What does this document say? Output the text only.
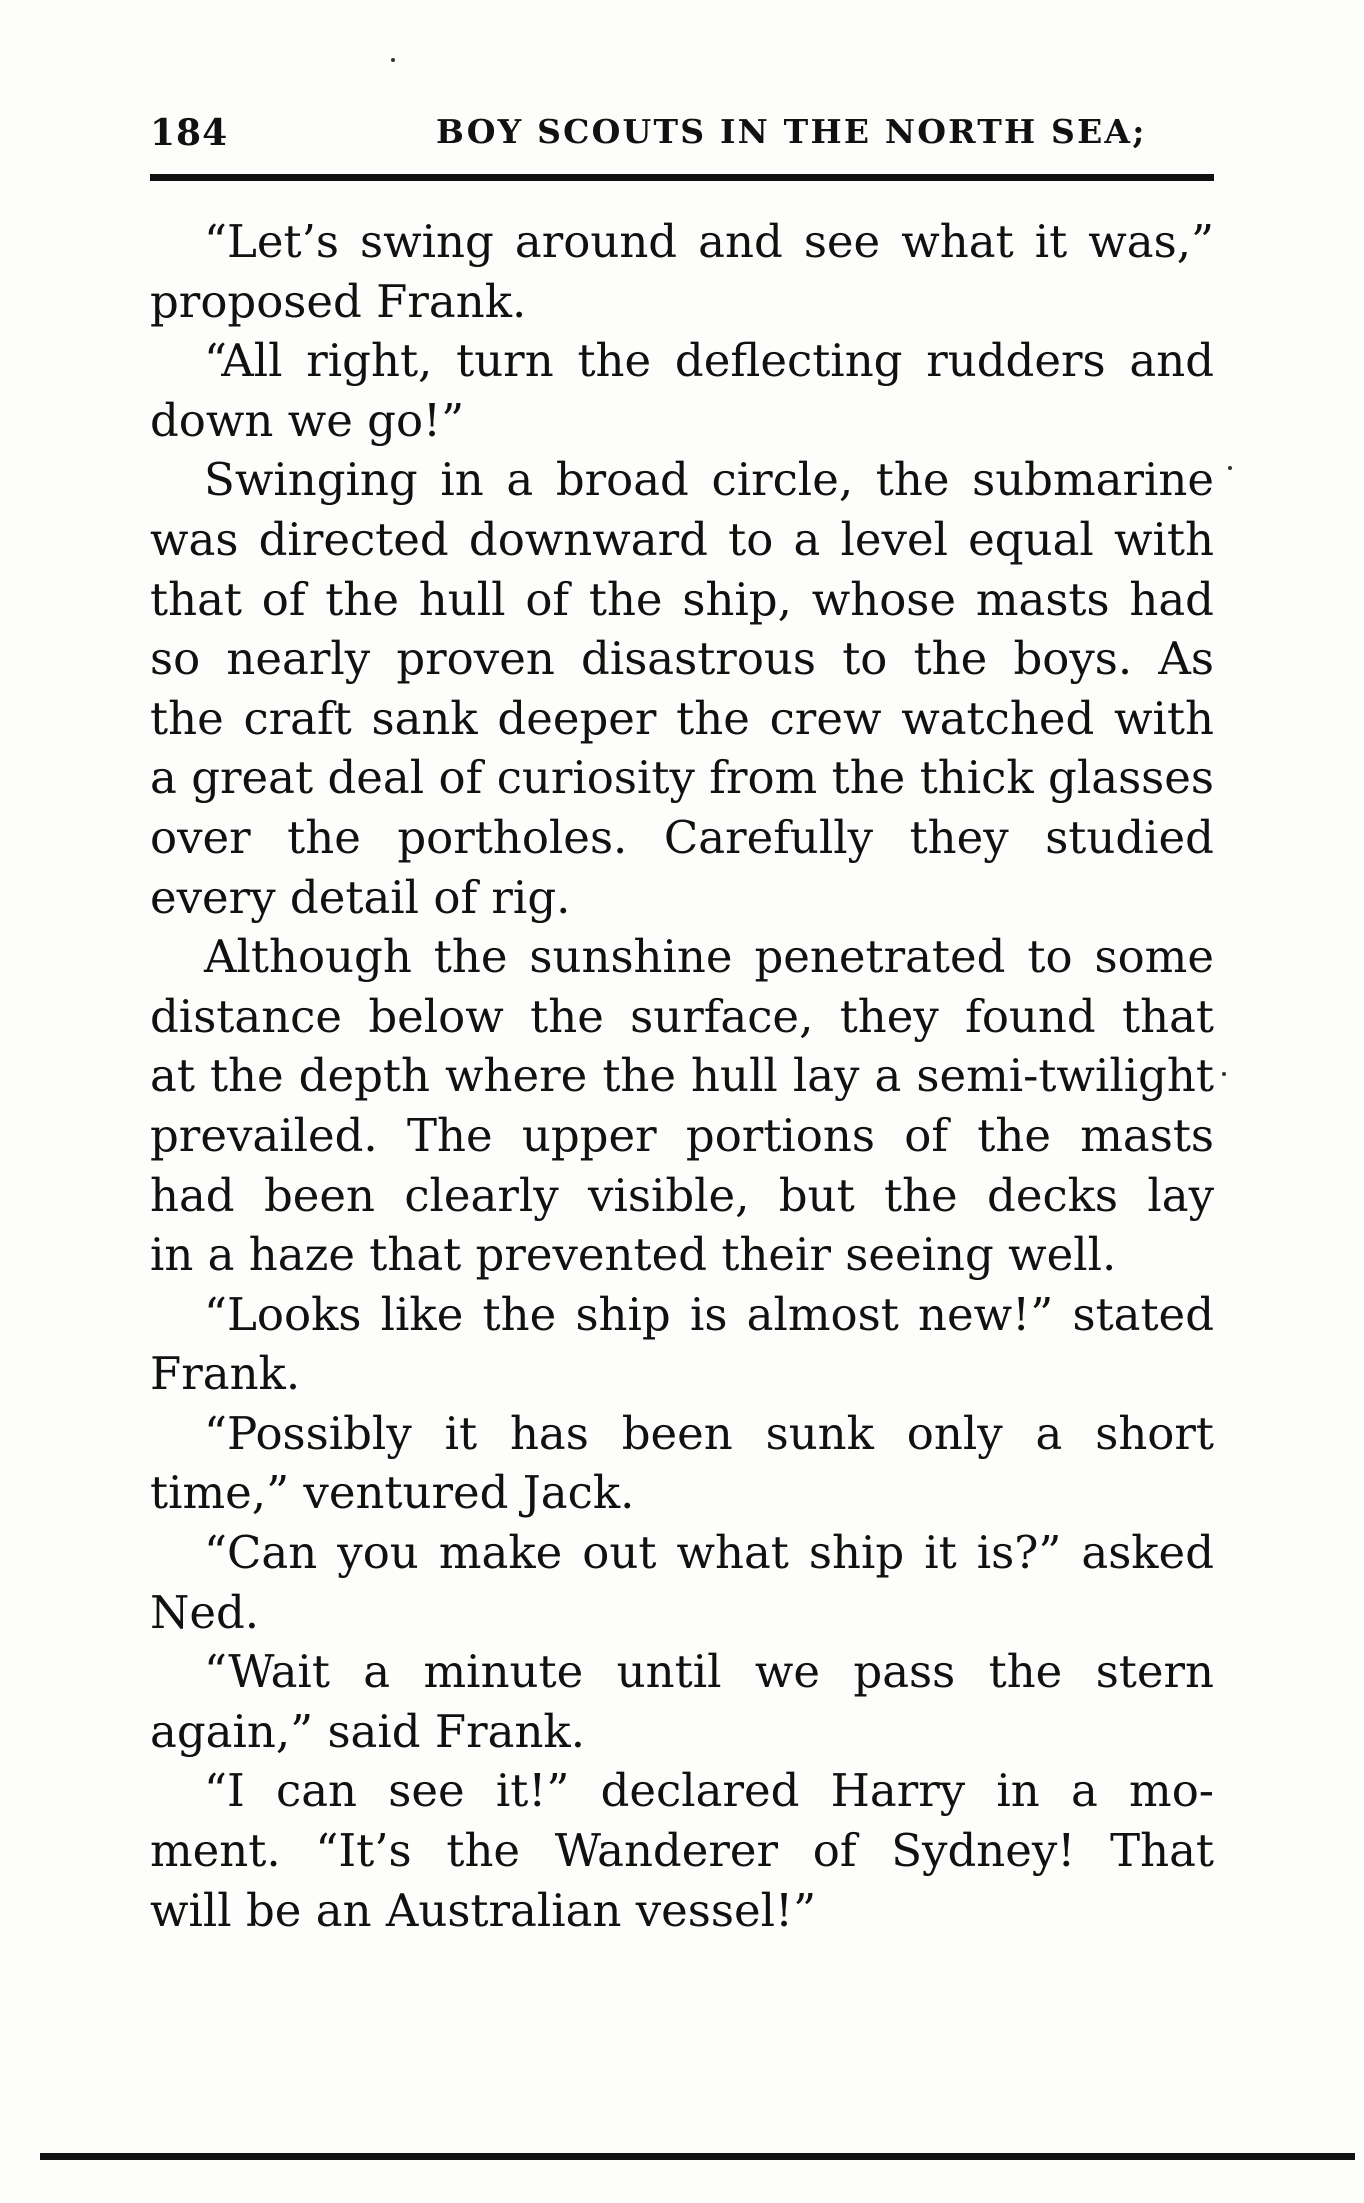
184	BOY SCOUTS IN THE NORTH SEA;
“Let’s swing around and see what it was,”
proposed Frank.
“All right, turn the deflecting rudders and
down we go!”
Swinging in a broad circle, the submarine
was directed downward to a level equal with
that of the hull of the ship, whose masts had
so nearly proven disastrous to the boys. As
the craft sank deeper the crew watched with
a great deal of curiosity from the thick glasses
over the portholes. Carefully they studied
every detail of rig.
Although the sunshine penetrated to some
distance below the surface, they found that
at the depth where the hull lay a semi-twilight
prevailed. The upper portions of the masts
had been clearly visible, but the decks lay
in a haze that prevented their seeing well.
“Looks like the ship is almost new!” stated
Frank.
“Possibly it has been sunk only a short
time,” ventured Jack.
“Can you make out what ship it is?” asked
Ned.
“Wait a minute until we pass the stern
again,” said Frank.
“I can see it!” declared Harry in a mo-
ment. “It’s the Wanderer of Sydney! That
will be an Australian vessel!”
